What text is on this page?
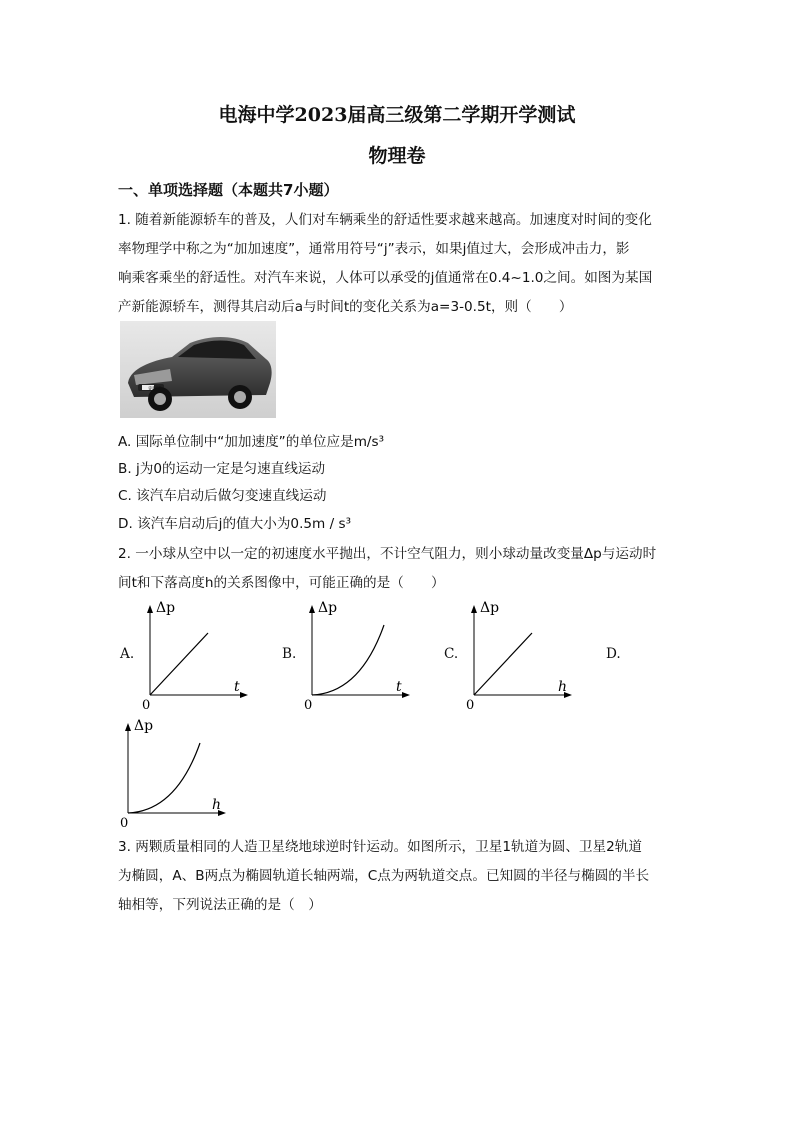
电海中学2023届高三级第二学期开学测试
物理卷
一、单项选择题（本题共7小题）
1. 随着新能源轿车的普及，人们对车辆乘坐的舒适性要求越来越高。加速度对时间的变化
率物理学中称之为“加加速度”，通常用符号“j”表示，如果j值过大，会形成冲击力，影
响乘客乘坐的舒适性。对汽车来说，人体可以承受的j值通常在0.4~1.0之间。如图为某国
产新能源轿车，测得其启动后a与时间t的变化关系为a=3-0.5t，则（　　）
睿骋CC
A. 国际单位制中“加加速度”的单位应是m/s³
B. j为0的运动一定是匀速直线运动
C. 该汽车启动后做匀变速直线运动
D. 该汽车启动后j的值大小为0.5m / s³
2. 一小球从空中以一定的初速度水平抛出，不计空气阻力，则小球动量改变量Δp与运动时
间t和下落高度h的关系图像中，可能正确的是（　　）
A.	B.	C.	D.
Δp
0
t
Δp
0
t
Δp
0
h
Δp
0
h
3. 两颗质量相同的人造卫星绕地球逆时针运动。如图所示，卫星1轨道为圆、卫星2轨道
为椭圆，A、B两点为椭圆轨道长轴两端，C点为两轨道交点。已知圆的半径与椭圆的半长
轴相等，下列说法正确的是（　）
